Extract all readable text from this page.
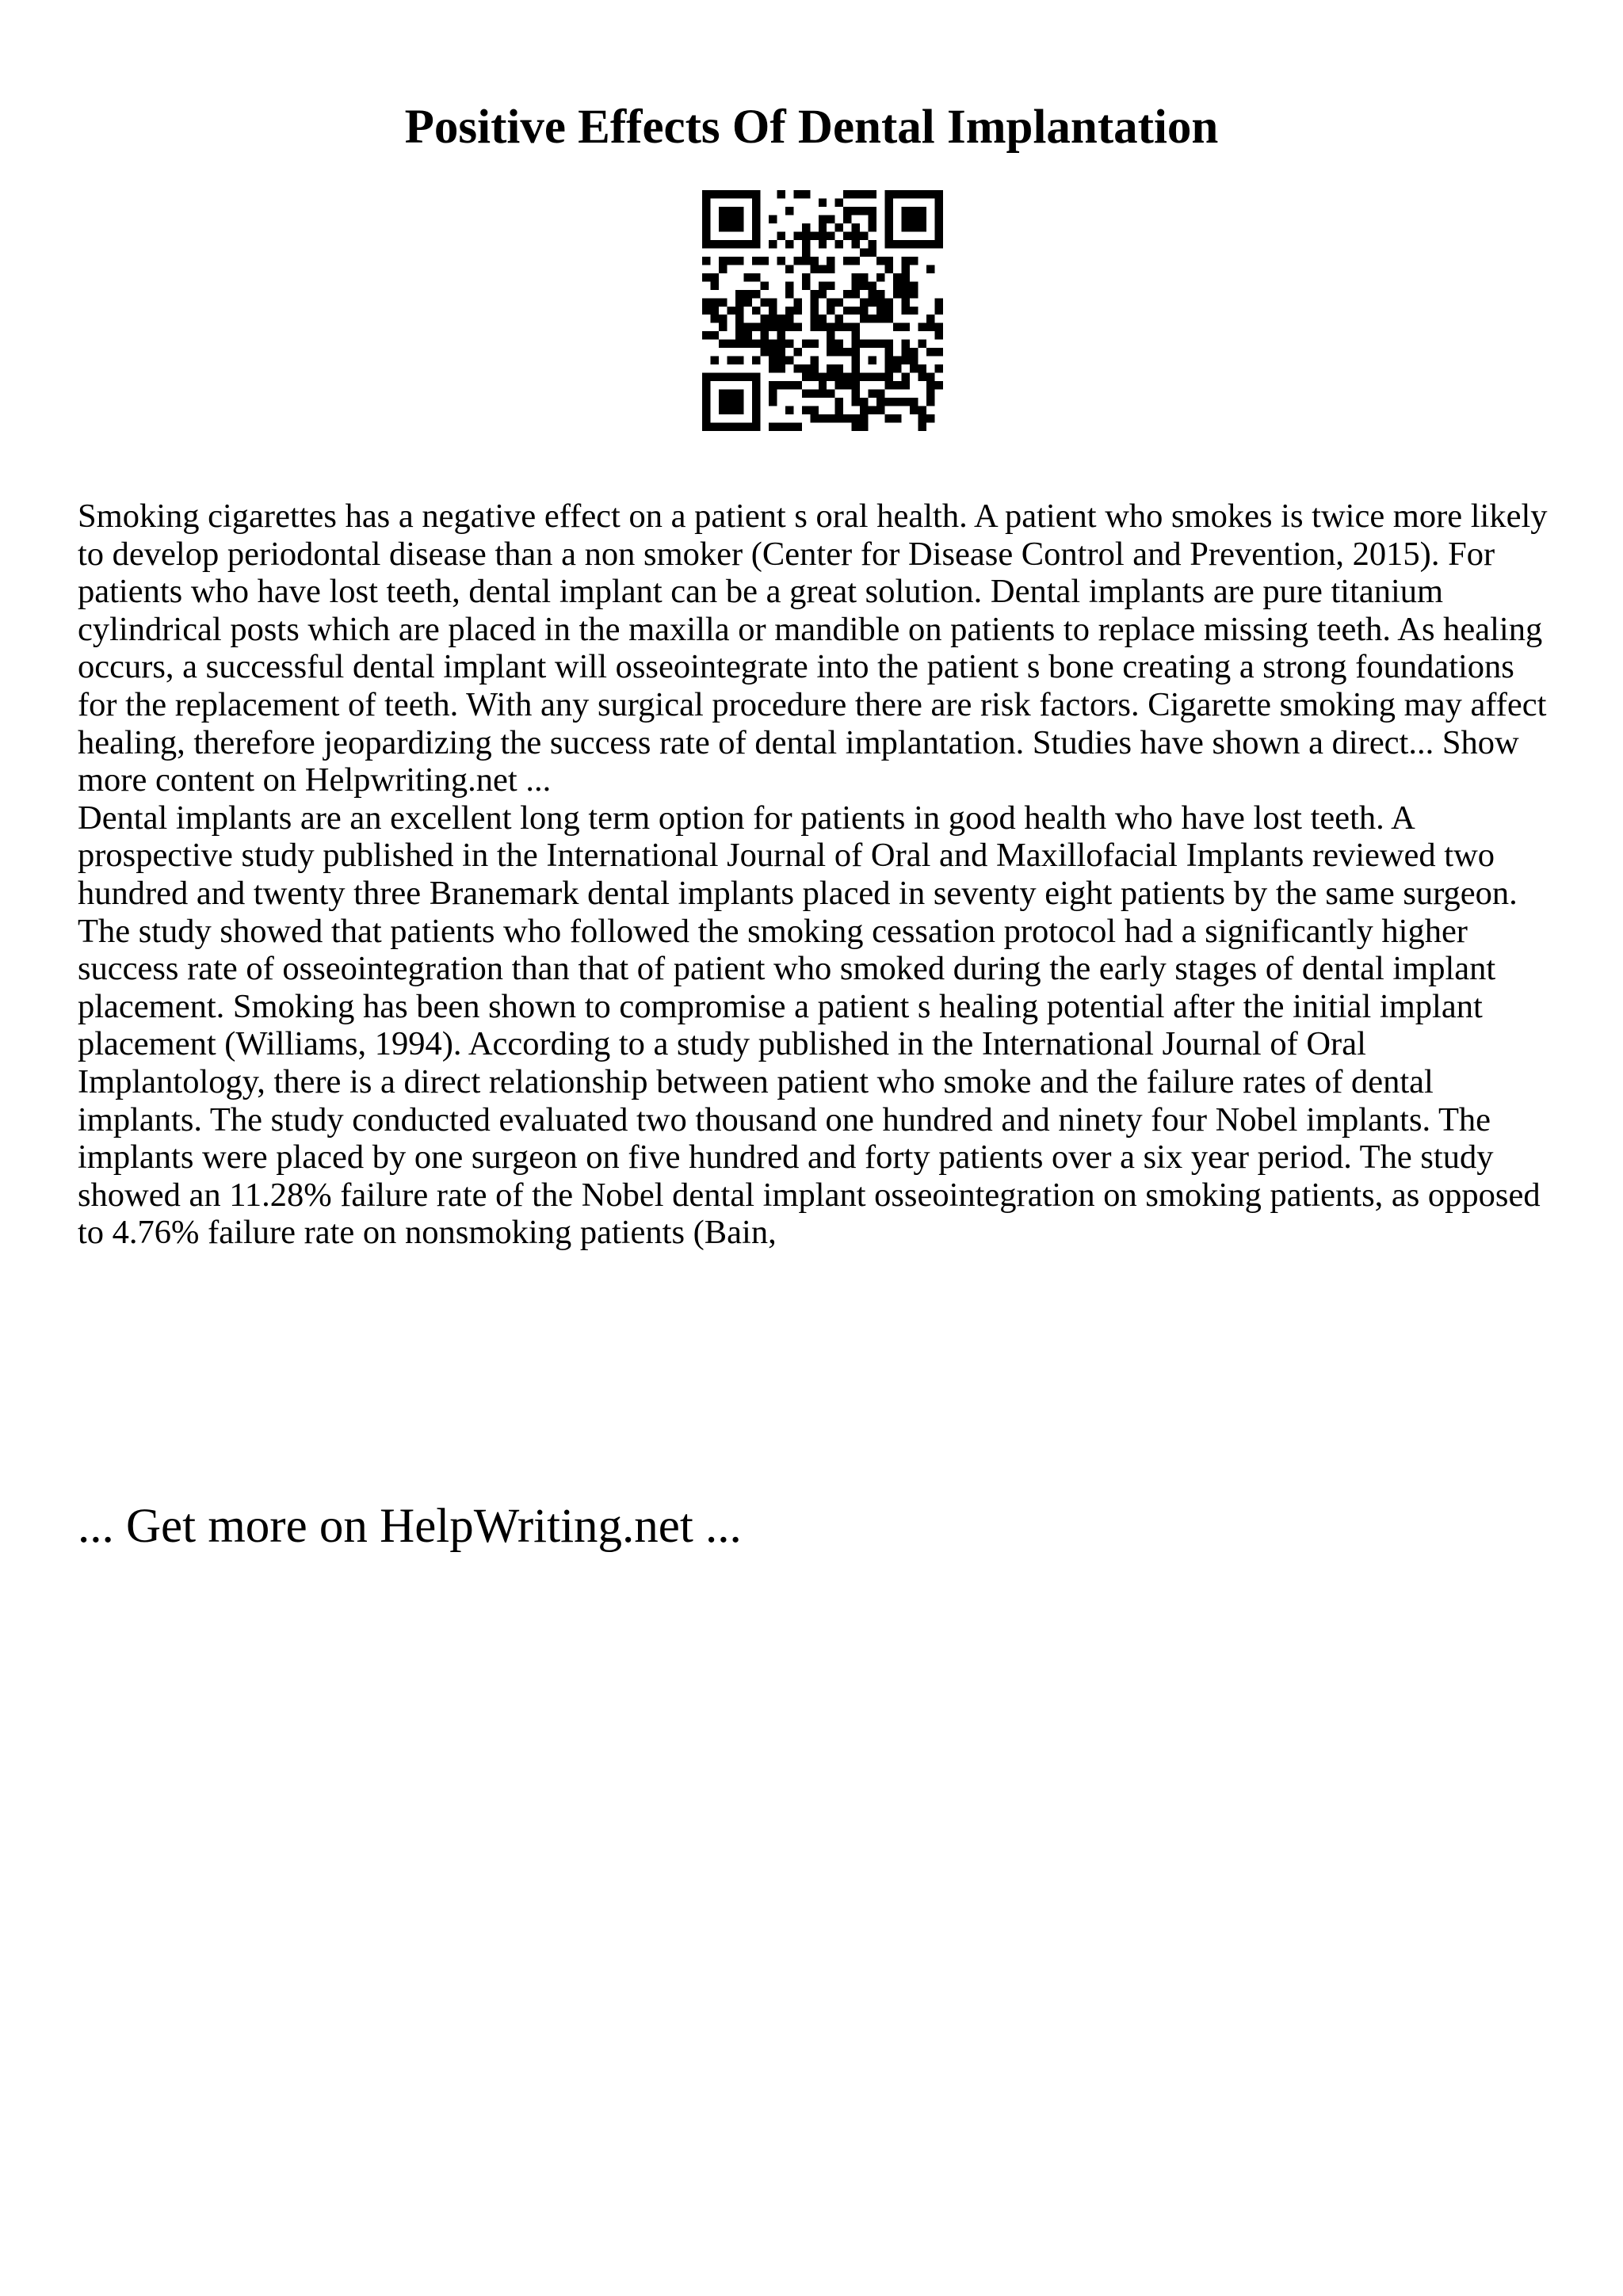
Positive Effects Of Dental Implantation

Smoking cigarettes has a negative effect on a patient s oral health. A patient who smokes is twice more likely to develop periodontal disease than a non smoker (Center for Disease Control and Prevention, 2015). For patients who have lost teeth, dental implant can be a great solution. Dental implants are pure titanium cylindrical posts which are placed in the maxilla or mandible on patients to replace missing teeth. As healing occurs, a successful dental implant will osseointegrate into the patient s bone creating a strong foundations for the replacement of teeth. With any surgical procedure there are risk factors. Cigarette smoking may affect healing, therefore jeopardizing the success rate of dental implantation. Studies have shown a direct... Show more content on Helpwriting.net ...

Dental implants are an excellent long term option for patients in good health who have lost teeth. A prospective study published in the International Journal of Oral and Maxillofacial Implants reviewed two hundred and twenty three Branemark dental implants placed in seventy eight patients by the same surgeon. The study showed that patients who followed the smoking cessation protocol had a significantly higher success rate of osseointegration than that of patient who smoked during the early stages of dental implant placement. Smoking has been shown to compromise a patient s healing potential after the initial implant placement (Williams, 1994). According to a study published in the International Journal of Oral Implantology, there is a direct relationship between patient who smoke and the failure rates of dental implants. The study conducted evaluated two thousand one hundred and ninety four Nobel implants. The implants were placed by one surgeon on five hundred and forty patients over a six year period. The study showed an 11.28% failure rate of the Nobel dental implant osseointegration on smoking patients, as opposed to 4.76% failure rate on nonsmoking patients (Bain,

... Get more on HelpWriting.net ...
